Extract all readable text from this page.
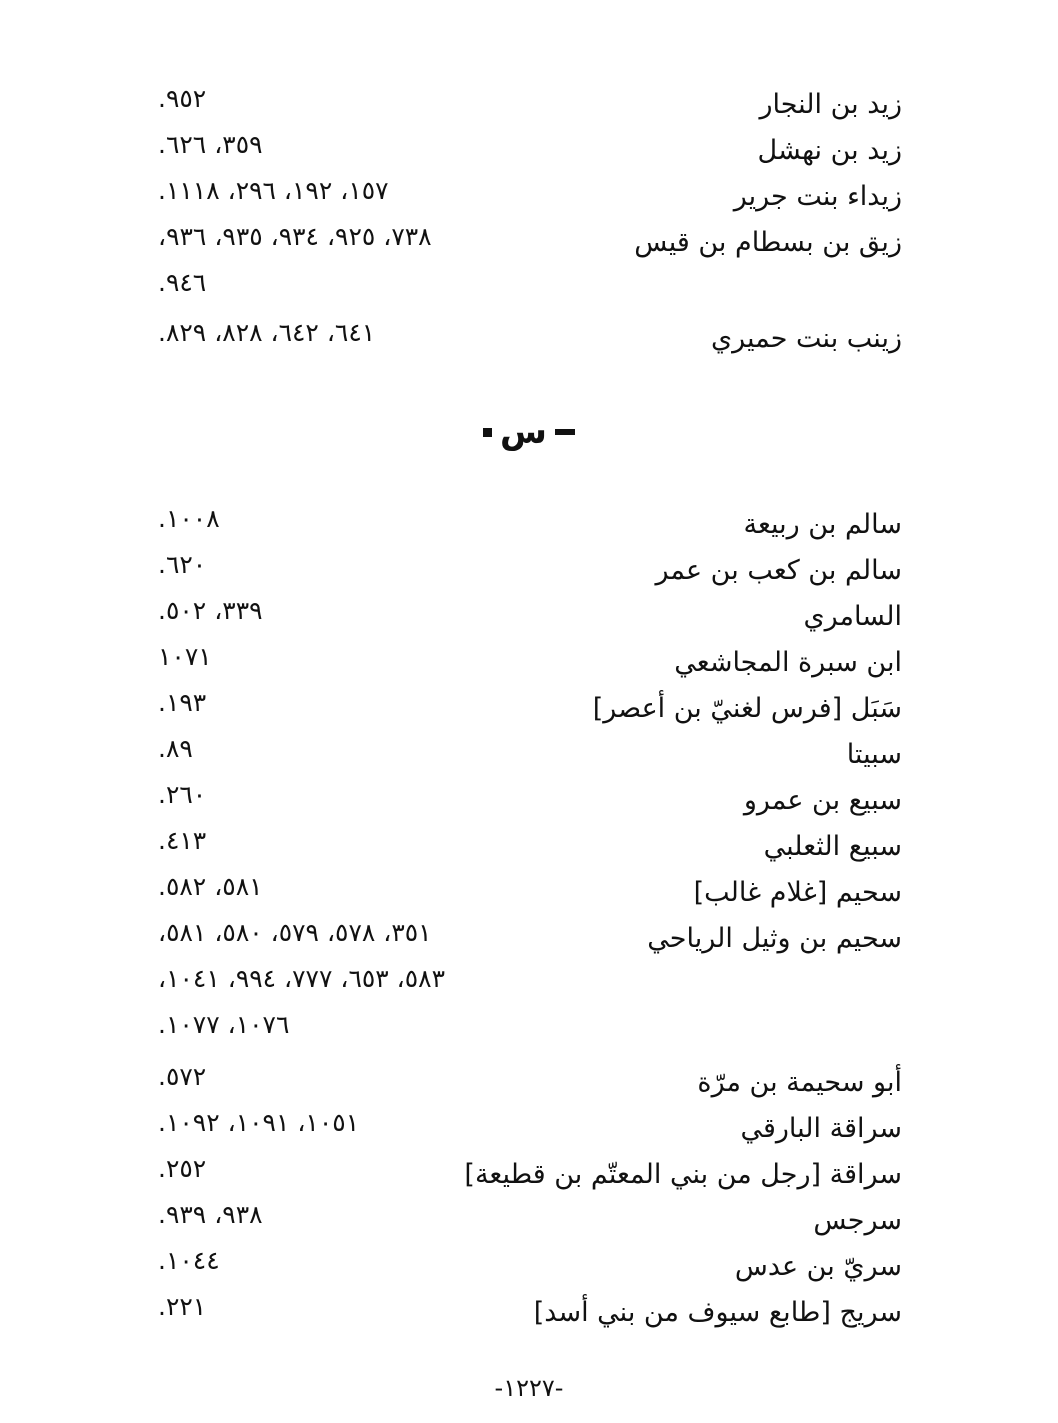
زيد بن النجار
٩٥٢.
زيد بن نهشل
٣٥٩، ٦٢٦.
زيداء بنت جرير
١٥٧، ١٩٢، ٢٩٦، ١١١٨.
زيق بن بسطام بن قيس
٧٣٨، ٩٢٥، ٩٣٤، ٩٣٥، ٩٣٦،
٩٤٦.
زينب بنت حميري
٦٤١، ٦٤٢، ٨٢٨، ٨٢٩.
س
سالم بن ربيعة
١٠٠٨.
سالم بن كعب بن عمر
٦٢٠.
السامري
٣٣٩، ٥٠٢.
ابن سبرة المجاشعي
١٠٧١
سَبَل [فرس لغنيّ بن أعصر]
١٩٣.
سبيتا
٨٩.
سبيع بن عمرو
٢٦٠.
سبيع الثعلبي
٤١٣.
سحيم [غلام غالب]
٥٨١، ٥٨٢.
سحيم بن وثيل الرياحي
٣٥١، ٥٧٨، ٥٧٩، ٥٨٠، ٥٨١،
٥٨٣، ٦٥٣، ٧٧٧، ٩٩٤، ١٠٤١،
١٠٧٦، ١٠٧٧.
أبو سحيمة بن مرّة
٥٧٢.
سراقة البارقي
١٠٥١، ١٠٩١، ١٠٩٢.
سراقة [رجل من بني المعتّم بن قطيعة]
٢٥٢.
سرجس
٩٣٨، ٩٣٩.
سريّ بن عدس
١٠٤٤.
سريج [طابع سيوف من بني أسد]
٢٢١.
-١٢٢٧-
